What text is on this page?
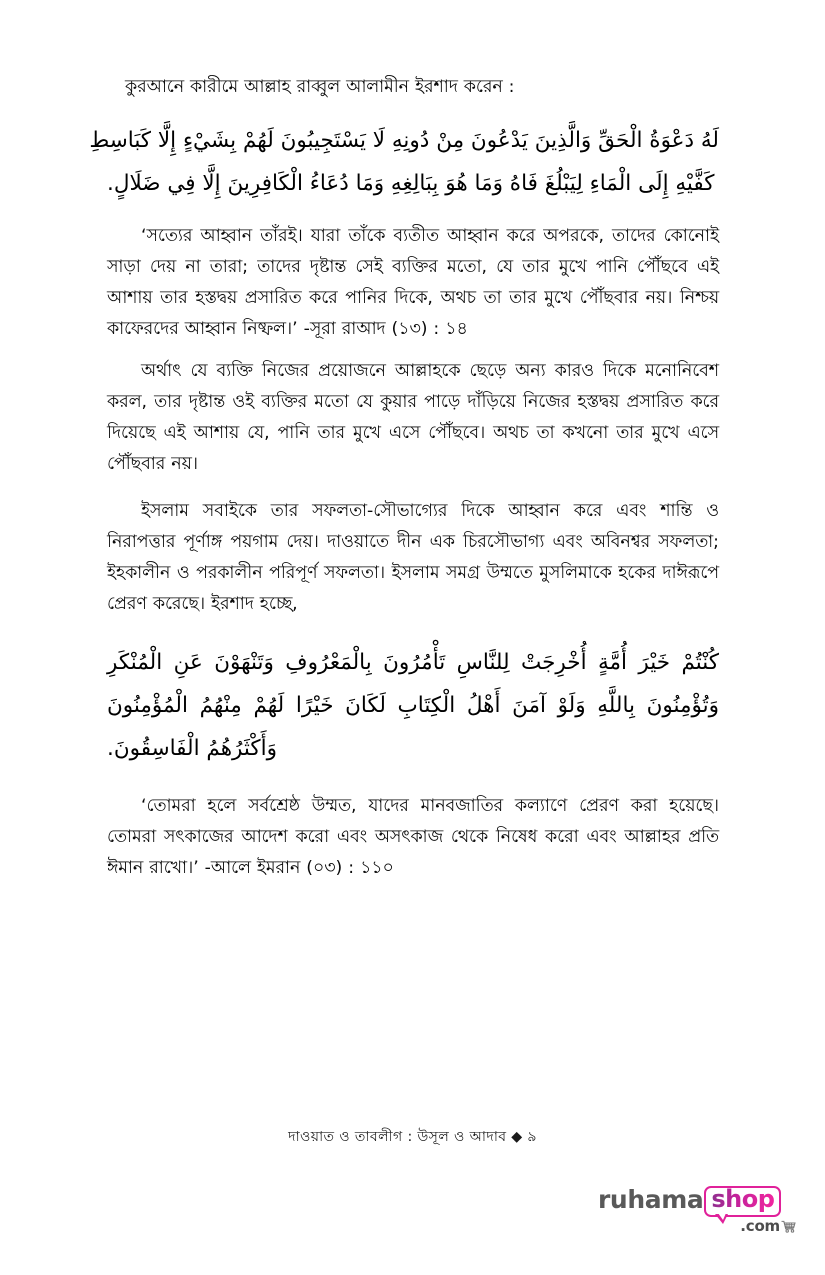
কুরআনে কারীমে আল্লাহ রাব্বুল আলামীন ইরশাদ করেন :

لَهُ دَعْوَةُ الْحَقِّ وَالَّذِينَ يَدْعُونَ مِنْ دُونِهِ لَا يَسْتَجِيبُونَ لَهُمْ بِشَيْءٍ إِلَّا كَبَاسِطِ
كَفَّيْهِ إِلَى الْمَاءِ لِيَبْلُغَ فَاهُ وَمَا هُوَ بِبَالِغِهِ وَمَا دُعَاءُ الْكَافِرِينَ إِلَّا فِي ضَلَالٍ.

‘সত্যের আহ্বান তাঁরই। যারা তাঁকে ব্যতীত আহ্বান করে অপরকে, তাদের কোনোই সাড়া দেয় না তারা; তাদের দৃষ্টান্ত সেই ব্যক্তির মতো, যে তার মুখে পানি পৌঁছবে এই আশায় তার হস্তদ্বয় প্রসারিত করে পানির দিকে, অথচ তা তার মুখে পৌঁছবার নয়। নিশ্চয় কাফেরদের আহ্বান নিষ্ফল।’ -সূরা রাআদ (১৩) : ১৪

অর্থাৎ যে ব্যক্তি নিজের প্রয়োজনে আল্লাহকে ছেড়ে অন্য কারও দিকে মনোনিবেশ করল, তার দৃষ্টান্ত ওই ব্যক্তির মতো যে কুয়ার পাড়ে দাঁড়িয়ে নিজের হস্তদ্বয় প্রসারিত করে দিয়েছে এই আশায় যে, পানি তার মুখে এসে পৌঁছবে। অথচ তা কখনো তার মুখে এসে পৌঁছবার নয়।

ইসলাম সবাইকে তার সফলতা-সৌভাগ্যের দিকে আহ্বান করে এবং শান্তি ও নিরাপত্তার পূর্ণাঙ্গ পয়গাম দেয়। দাওয়াতে দীন এক চিরসৌভাগ্য এবং অবিনশ্বর সফলতা; ইহকালীন ও পরকালীন পরিপূর্ণ সফলতা। ইসলাম সমগ্র উম্মতে মুসলিমাকে হকের দাঈরূপে প্রেরণ করেছে। ইরশাদ হচ্ছে,

كُنْتُمْ خَيْرَ أُمَّةٍ أُخْرِجَتْ لِلنَّاسِ تَأْمُرُونَ بِالْمَعْرُوفِ وَتَنْهَوْنَ عَنِ الْمُنْكَرِ
وَتُؤْمِنُونَ بِاللَّهِ وَلَوْ آمَنَ أَهْلُ الْكِتَابِ لَكَانَ خَيْرًا لَهُمْ مِنْهُمُ الْمُؤْمِنُونَ
وَأَكْثَرُهُمُ الْفَاسِقُونَ.

‘তোমরা হলে সর্বশ্রেষ্ঠ উম্মত, যাদের মানবজাতির কল্যাণে প্রেরণ করা হয়েছে। তোমরা সৎকাজের আদেশ করো এবং অসৎকাজ থেকে নিষেধ করো এবং আল্লাহর প্রতি ঈমান রাখো।’ -আলে ইমরান (০৩) : ১১০

দাওয়াত ও তাবলীগ : উসূল ও আদাব ◆ ৯
ruhama shop
.com
